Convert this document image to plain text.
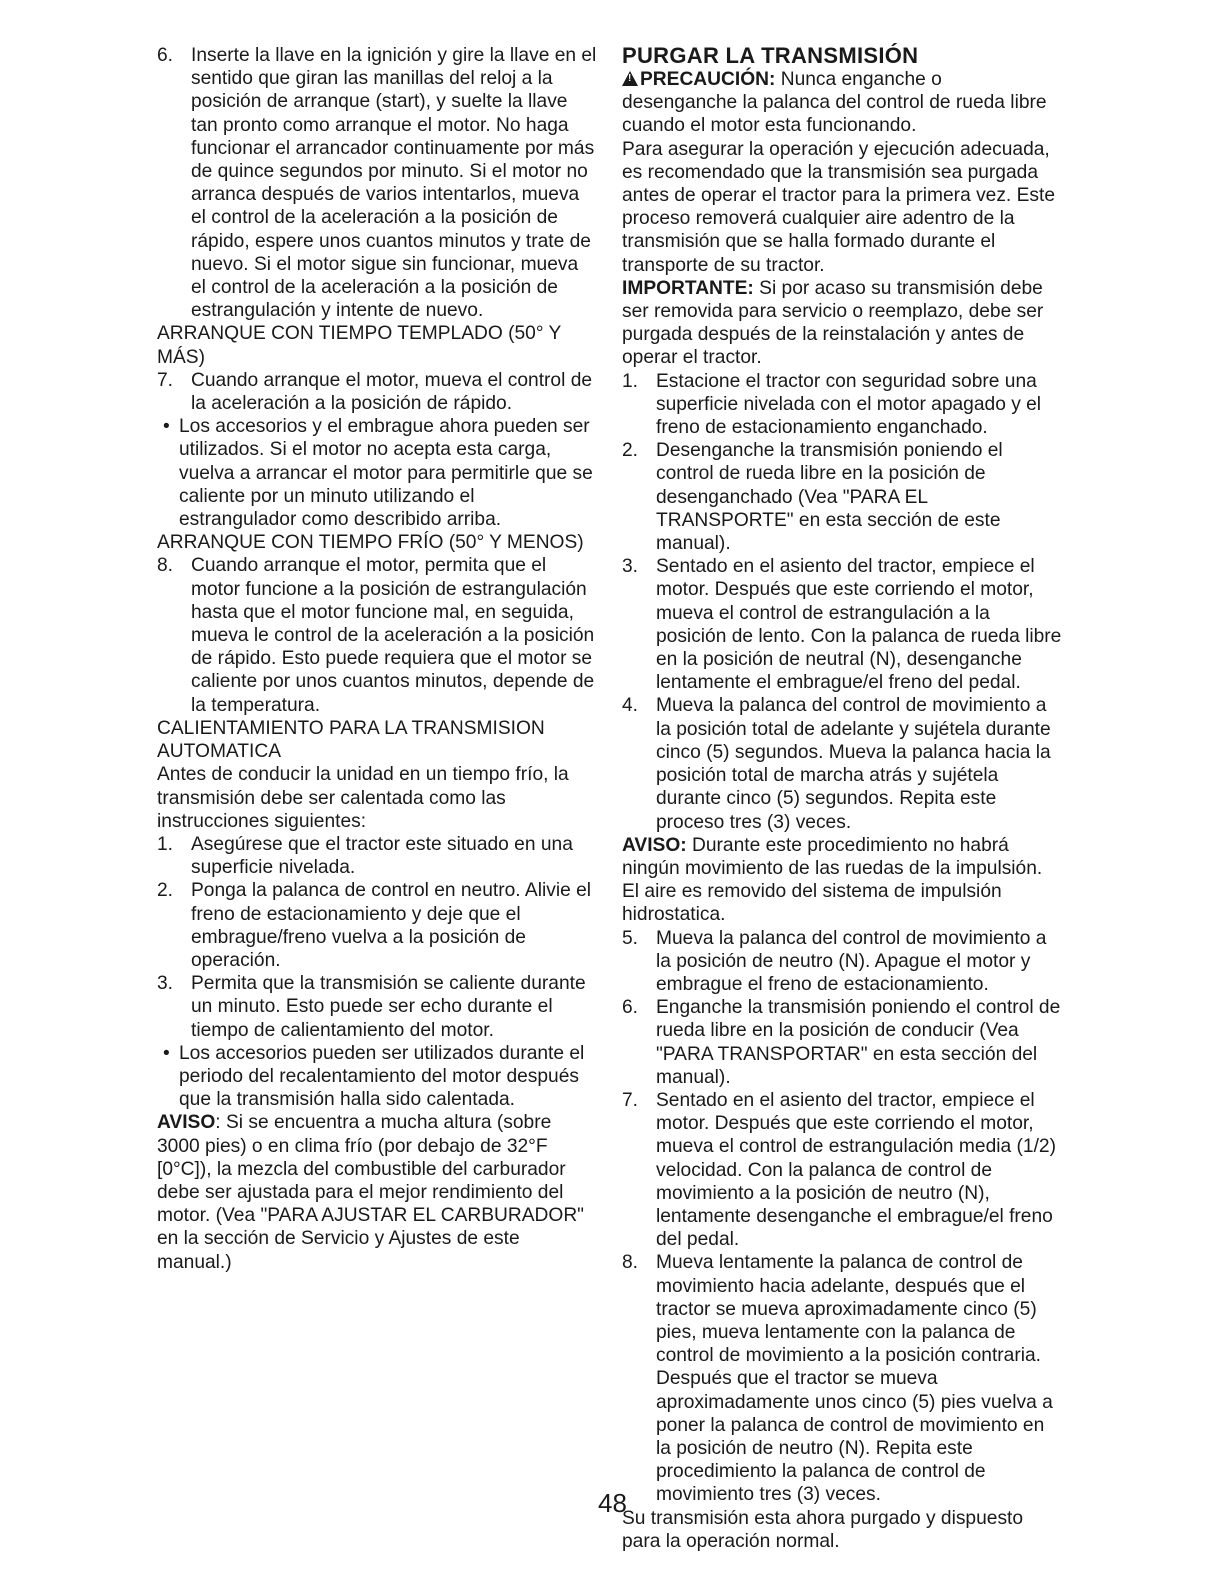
6. Inserte la llave en la ignición y gire la llave en el sentido que giran las manillas del reloj a la posición de arranque (start), y suelte la llave tan pronto como arranque el motor. No haga funcionar el arrancador continuamente por más de quince segundos por minuto. Si el motor no arranca después de varios intentarlos, mueva el control de la aceleración a la posición de rápido, espere unos cuantos minutos y trate de nuevo. Si el motor sigue sin funcionar, mueva el control de la aceleración a la posición de estrangulación y intente de nuevo.

ARRANQUE CON TIEMPO TEMPLADO (50° Y MÁS)

7. Cuando arranque el motor, mueva el control de la aceleración a la posición de rápido.
• Los accesorios y el embrague ahora pueden ser utilizados. Si el motor no acepta esta carga, vuelva a arrancar el motor para permitirle que se caliente por un minuto utilizando el estrangulador como describido arriba.

ARRANQUE CON TIEMPO FRÍO (50° Y MENOS)

8. Cuando arranque el motor, permita que el motor funcione a la posición de estrangulación hasta que el motor funcione mal, en seguida, mueva le control de la aceleración a la posición de rápido. Esto puede requiera que el motor se caliente por unos cuantos minutos, depende de la temperatura.

CALIENTAMIENTO PARA LA TRANSMISION AUTOMATICA

Antes de conducir la unidad en un tiempo frío, la transmisión debe ser calentada como las instrucciones siguientes:

1. Asegúrese que el tractor este situado en una superficie nivelada.
2. Ponga la palanca de control en neutro. Alivie el freno de estacionamiento y deje que el embrague/freno vuelva a la posición de operación.
3. Permita que la transmisión se caliente durante un minuto. Esto puede ser echo durante el tiempo de calientamiento del motor.
• Los accesorios pueden ser utilizados durante el periodo del recalentamiento del motor después que la transmisión halla sido calentada.

AVISO: Si se encuentra a mucha altura (sobre 3000 pies) o en clima frío (por debajo de 32°F [0°C]), la mezcla del combustible del carburador debe ser ajustada para el mejor rendimiento del motor. (Vea "PARA AJUSTAR EL CARBURADOR" en la sección de Servicio y Ajustes de este manual.)

PURGAR LA TRANSMISIÓN

!PRECAUCIÓN: Nunca enganche o desenganche la palanca del control de rueda libre cuando el motor esta funcionando.

Para asegurar la operación y ejecución adecuada, es recomendado que la transmisión sea purgada antes de operar el tractor para la primera vez. Este proceso removerá cualquier aire adentro de la transmisión que se halla formado durante el transporte de su tractor.

IMPORTANTE: Si por acaso su transmisión debe ser removida para servicio o reemplazo, debe ser purgada después de la reinstalación y antes de operar el tractor.

1. Estacione el tractor con seguridad sobre una superficie nivelada con el motor apagado y el freno de estacionamiento enganchado.
2. Desenganche la transmisión poniendo el control de rueda libre en la posición de desenganchado (Vea "PARA EL TRANSPORTE" en esta sección de este manual).
3. Sentado en el asiento del tractor, empiece el motor. Después que este corriendo el motor, mueva el control de estrangulación a la posición de lento. Con la palanca de rueda libre en la posición de neutral (N), desenganche lentamente el embrague/el freno del pedal.
4. Mueva la palanca del control de movimiento a la posición total de adelante y sujétela durante cinco (5) segundos. Mueva la palanca hacia la posición total de marcha atrás y sujétela durante cinco (5) segundos. Repita este proceso tres (3) veces.

AVISO: Durante este procedimiento no habrá ningún movimiento de las ruedas de la impulsión. El aire es removido del sistema de impulsión hidrostatica.

5. Mueva la palanca del control de movimiento a la posición de neutro (N). Apague el motor y embrague el freno de estacionamiento.
6. Enganche la transmisión poniendo el control de rueda libre en la posición de conducir (Vea "PARA TRANSPORTAR" en esta sección del manual).
7. Sentado en el asiento del tractor, empiece el motor. Después que este corriendo el motor, mueva el control de estrangulación media (1/2) velocidad. Con la palanca de control de movimiento a la posición de neutro (N), lentamente desenganche el embrague/el freno del pedal.
8. Mueva lentamente la palanca de control de movimiento hacia adelante, después que el tractor se mueva aproximadamente cinco (5) pies, mueva lentamente con la palanca de control de movimiento a la posición contraria. Después que el tractor se mueva aproximadamente unos cinco (5) pies vuelva a poner la palanca de control de movimiento en la posición de neutro (N). Repita este procedimiento la palanca de control de movimiento tres (3) veces.

Su transmisión esta ahora purgado y dispuesto para la operación normal.

48
